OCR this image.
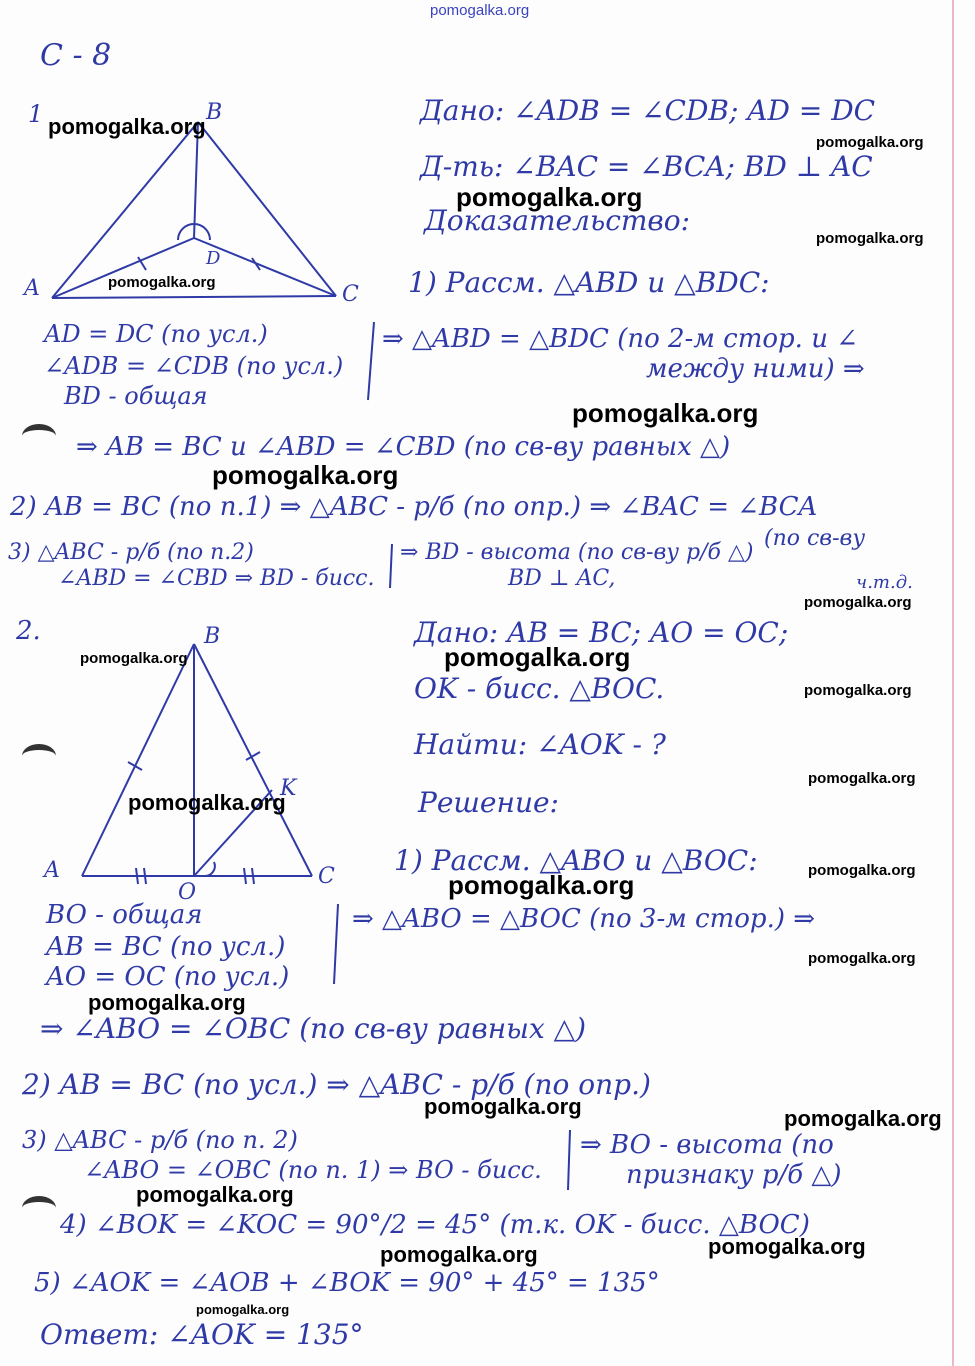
pomogalka.org
С - 8
1	B
A	C
D
Дано: ∠ADB = ∠CDB; AD = DC
Д-ть: ∠BAC = ∠BCA; BD ⊥ AC
Доказательство:
1) Рассм. △ABD и △BDC:
AD = DC (по усл.)
∠ADB = ∠CDB (по усл.)
BD - общая
⇒ △ABD = △BDC (по 2-м стор. и ∠
между ними) ⇒
⇒ AB = BC и ∠ABD = ∠CBD (по св-ву равных △)
2) AB = BC (по п.1) ⇒ △ABC - р/б (по опр.) ⇒ ∠BAC = ∠BCA
(по св-ву
3) △ABC - р/б (по п.2)
∠ABD = ∠CBD ⇒ BD - бисс.
⇒ BD - высота (по св-ву р/б △)
BD ⊥ AC,	ч.т.д.
2.	B
A	C
O
K
Дано: AB = BC; AO = OC;
OK - бисс. △BOC.
Найти: ∠AOK - ?
Решение:
1) Рассм. △ABO и △BOC:
BO - общая
AB = BC (по усл.)
AO = OC (по усл.)
⇒ △ABO = △BOC (по 3-м стор.) ⇒
⇒ ∠ABO = ∠OBC (по св-ву равных △)
2) AB = BC (по усл.) ⇒ △ABC - р/б (по опр.)
3) △ABC - р/б (по п. 2)
∠ABO = ∠OBC (по п. 1) ⇒ BO - бисс.
⇒ BO - высота (по
признаку р/б △)
4) ∠BOK = ∠KOC = 90°/2 = 45° (т.к. OK - бисс. △BOC)
5) ∠AOK = ∠AOB + ∠BOK = 90° + 45° = 135°
Ответ: ∠AOK = 135°
pomogalka.org
pomogalka.org
pomogalka.org
pomogalka.org
pomogalka.org
pomogalka.org
pomogalka.org
pomogalka.org
pomogalka.org	pomogalka.org
pomogalka.org
pomogalka.org
pomogalka.org
pomogalka.org
pomogalka.org
pomogalka.org
pomogalka.org
pomogalka.org	pomogalka.org
pomogalka.org
pomogalka.org
pomogalka.org
pomogalka.org
